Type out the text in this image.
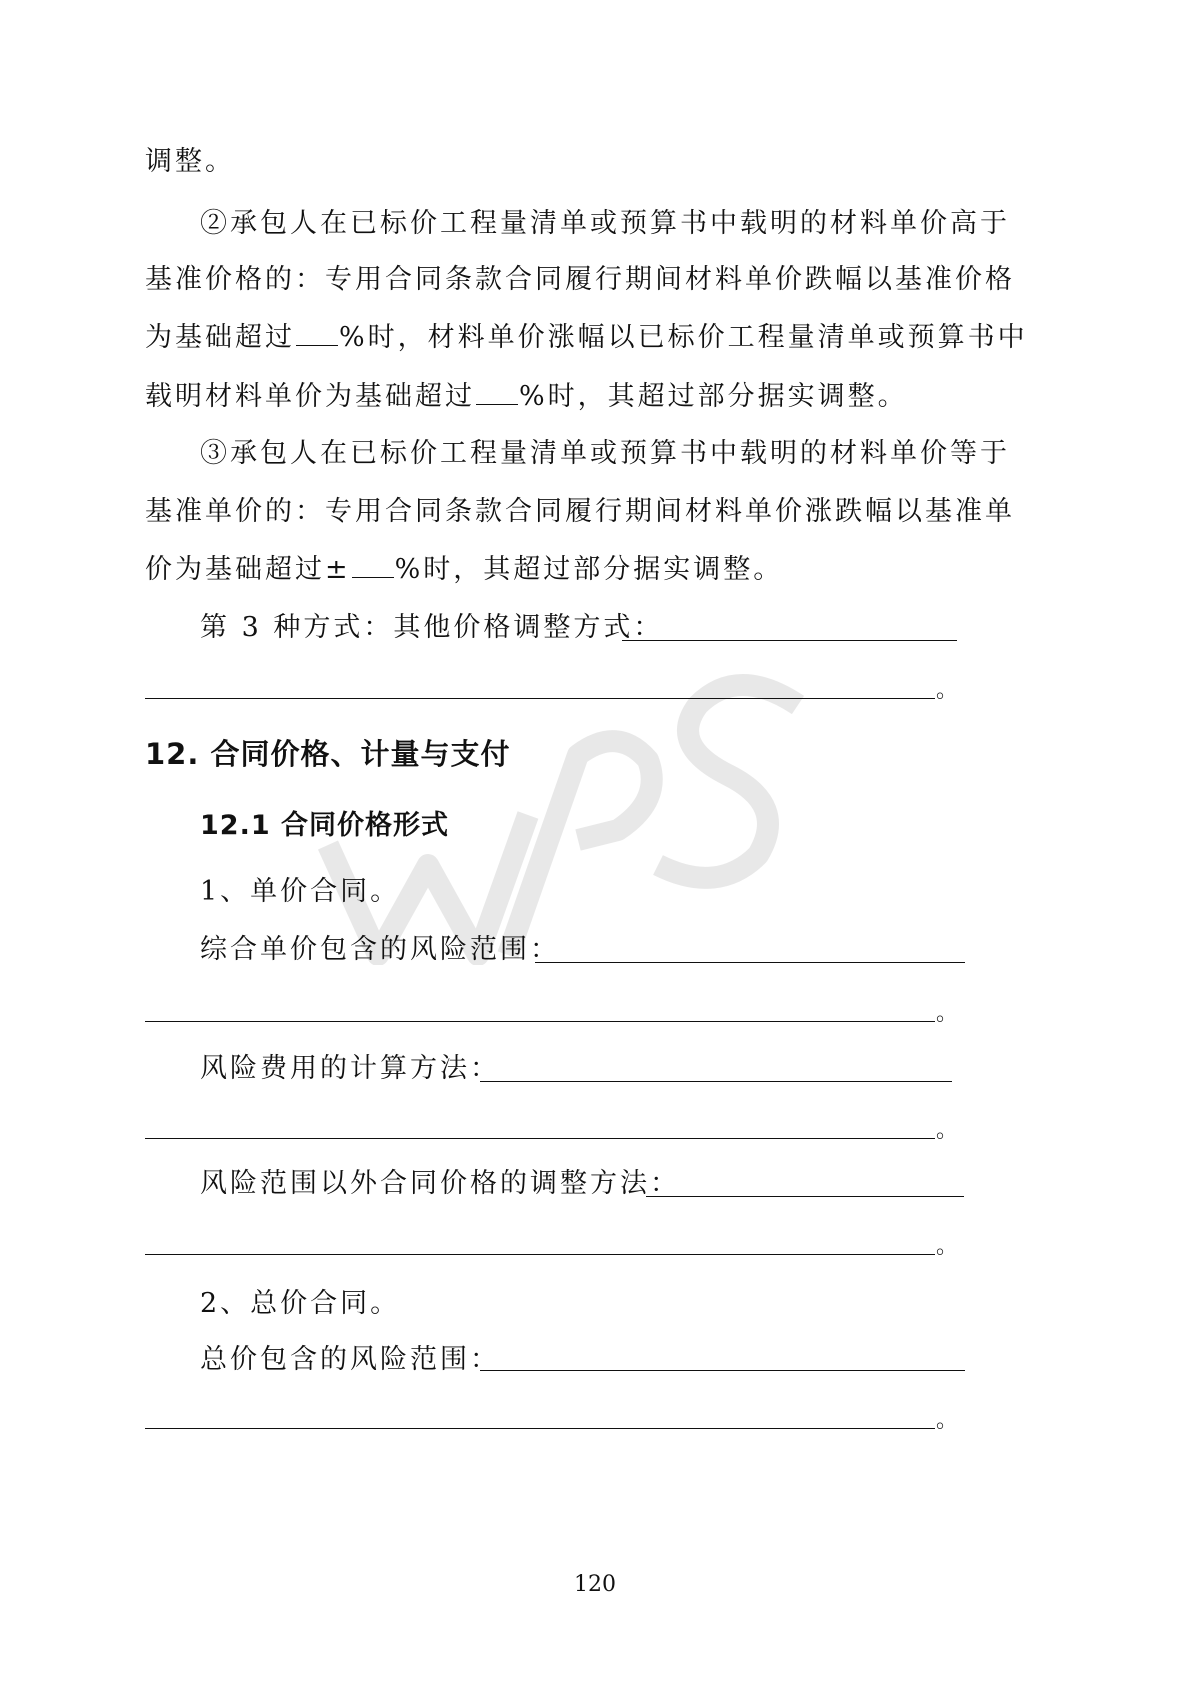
调整。
②承包人在已标价工程量清单或预算书中载明的材料单价高于
基准价格的：专用合同条款合同履行期间材料单价跌幅以基准价格
为基础超过 %时，材料单价涨幅以已标价工程量清单或预算书中
载明材料单价为基础超过 %时，其超过部分据实调整。
③承包人在已标价工程量清单或预算书中载明的材料单价等于
基准单价的：专用合同条款合同履行期间材料单价涨跌幅以基准单
价为基础超过± %时，其超过部分据实调整。
第 3 种方式：其他价格调整方式：
。
12. 合同价格、计量与支付
12.1 合同价格形式
1、单价合同。
综合单价包含的风险范围：
。
风险费用的计算方法：
。
风险范围以外合同价格的调整方法：
。
2、总价合同。
总价包含的风险范围：
。
120
